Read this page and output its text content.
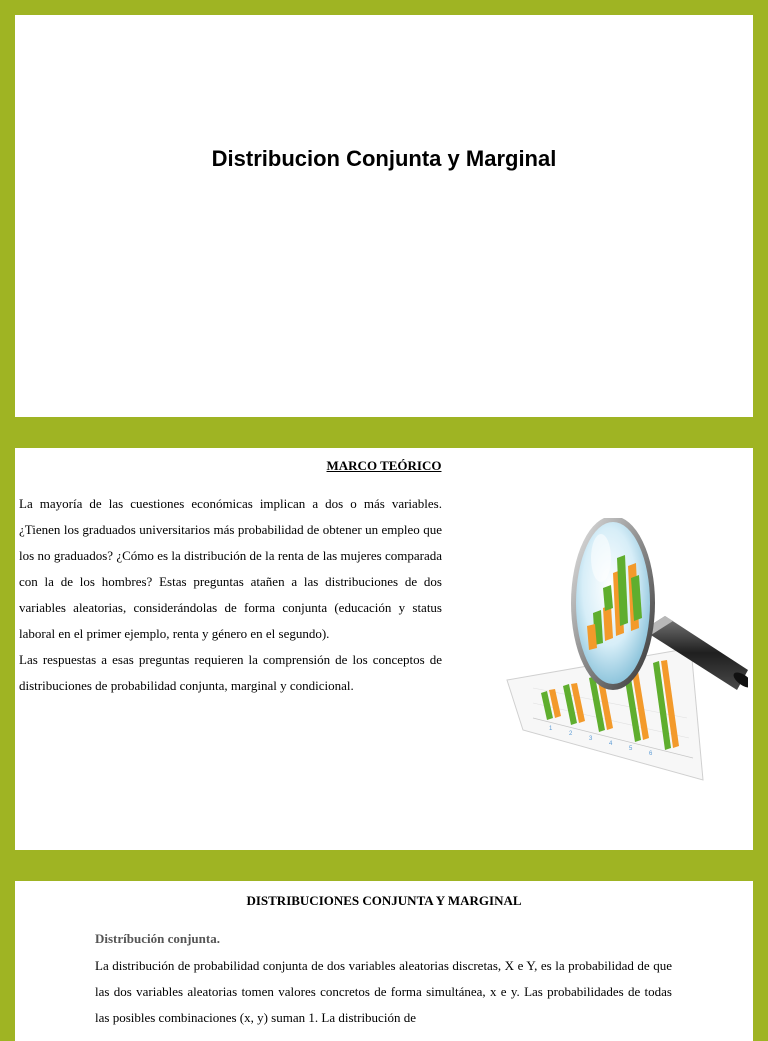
Distribucion Conjunta y Marginal
MARCO TEÓRICO

La mayoría de las cuestiones económicas implican a dos o más variables. ¿Tienen los graduados universitarios más probabilidad de obtener un empleo que los no graduados? ¿Cómo es la distribución de la renta de las mujeres comparada con la de los hombres? Estas preguntas atañen a las distribuciones de dos variables aleatorias, considerándolas de forma conjunta (educación y status laboral en el primer ejemplo, renta y género en el segundo).

Las respuestas a esas preguntas requieren la comprensión de los conceptos de distribuciones de probabilidad conjunta, marginal y condicional.

1
2
3
4
5
6
DISTRIBUCIONES CONJUNTA Y MARGINAL
Distríbución conjunta.

La distribución de probabilidad conjunta de dos variables aleatorias discretas, X e Y, es la probabilidad de que las dos variables aleatorias tomen valores concretos de forma simultánea, x e y. Las probabilidades de todas las posibles combinaciones (x, y) suman 1. La distribución de
